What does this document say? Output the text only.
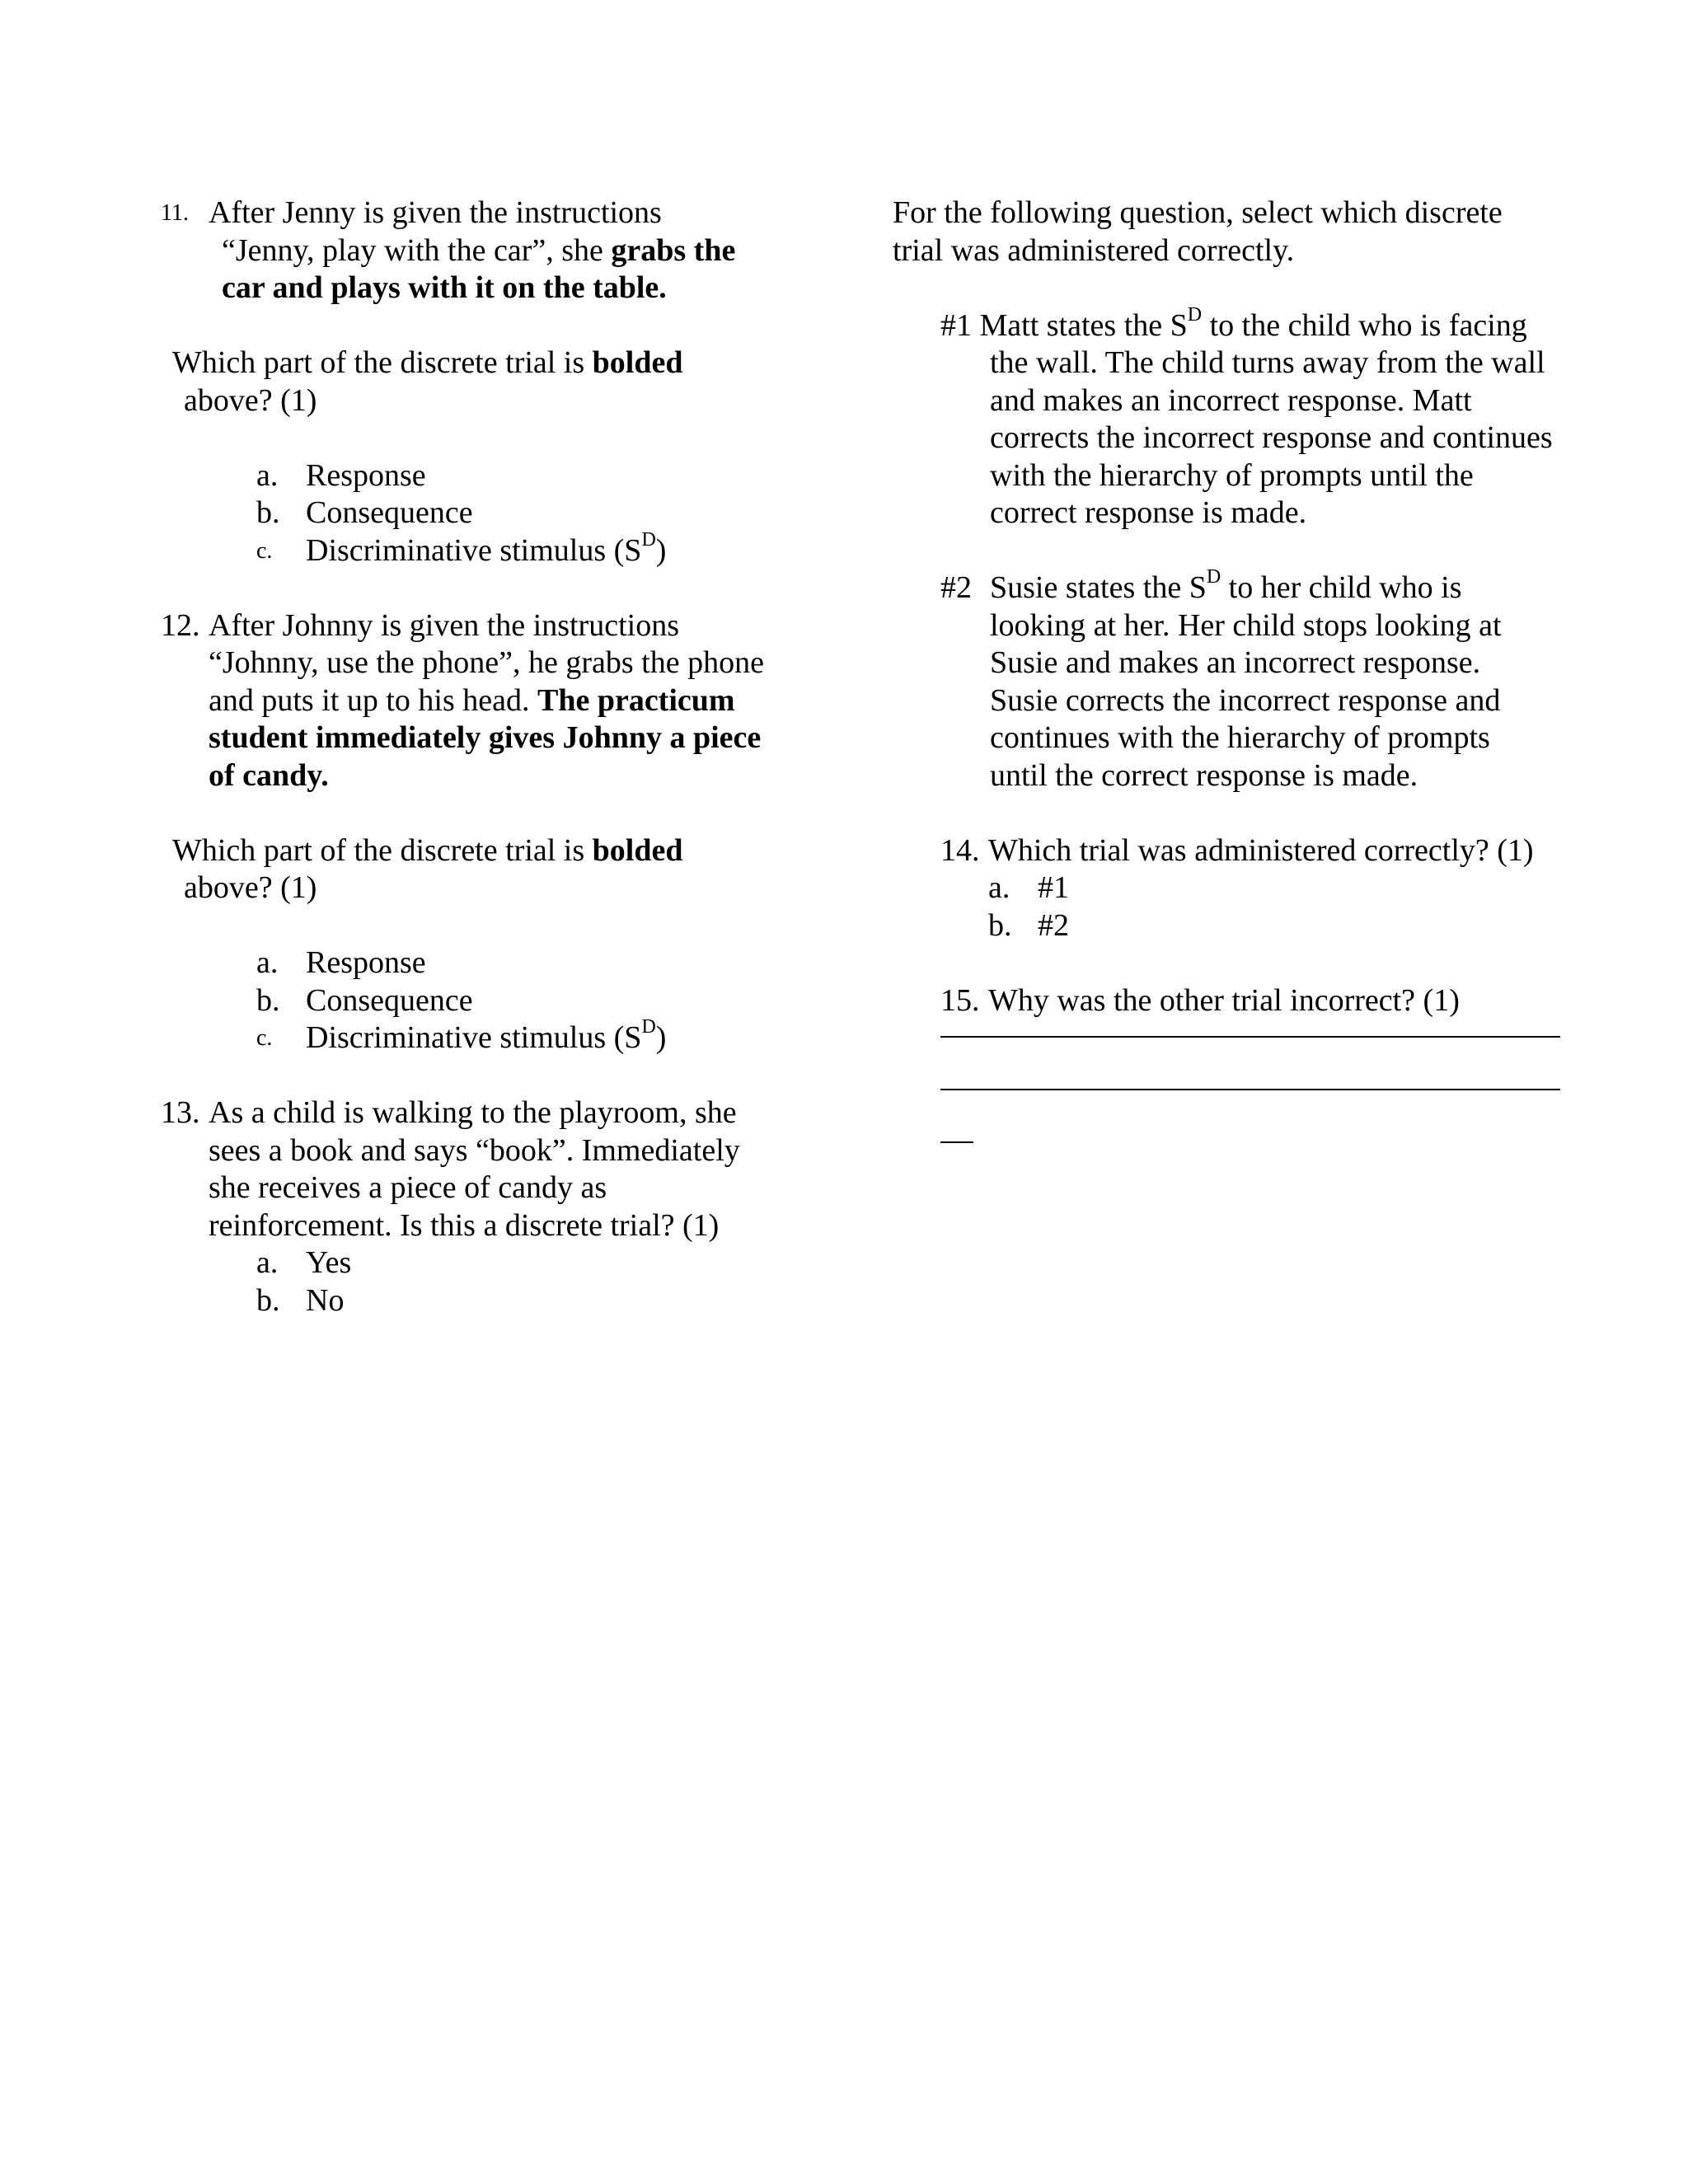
11. After Jenny is given the instructions
“Jenny, play with the car”, she grabs the
car and plays with it on the table.
Which part of the discrete trial is bolded
above? (1)
a. Response
b. Consequence
c. Discriminative stimulus $(S^D)$
12. After Johnny is given the instructions
“Johnny, use the phone”, he grabs the phone
and puts it up to his head. The practicum
student immediately gives Johnny a piece
of candy.
Which part of the discrete trial is bolded
above? (1)
a. Response
b. Consequence
c. Discriminative stimulus $(S^D)$
13. As a child is walking to the playroom, she
sees a book and says “book”. Immediately
she receives a piece of candy as
reinforcement. Is this a discrete trial? (1)
a. Yes
b. No
For the following question, select which discrete
trial was administered correctly.
#1 Matt states the $S^D$ to the child who is facing
the wall. The child turns away from the wall
and makes an incorrect response. Matt
corrects the incorrect response and continues
with the hierarchy of prompts until the
correct response is made.
#2 Susie states the $S^D$ to her child who is
looking at her. Her child stops looking at
Susie and makes an incorrect response.
Susie corrects the incorrect response and
continues with the hierarchy of prompts
until the correct response is made.
14. Which trial was administered correctly? (1)
a. #1
b. #2
15. Why was the other trial incorrect? (1)
